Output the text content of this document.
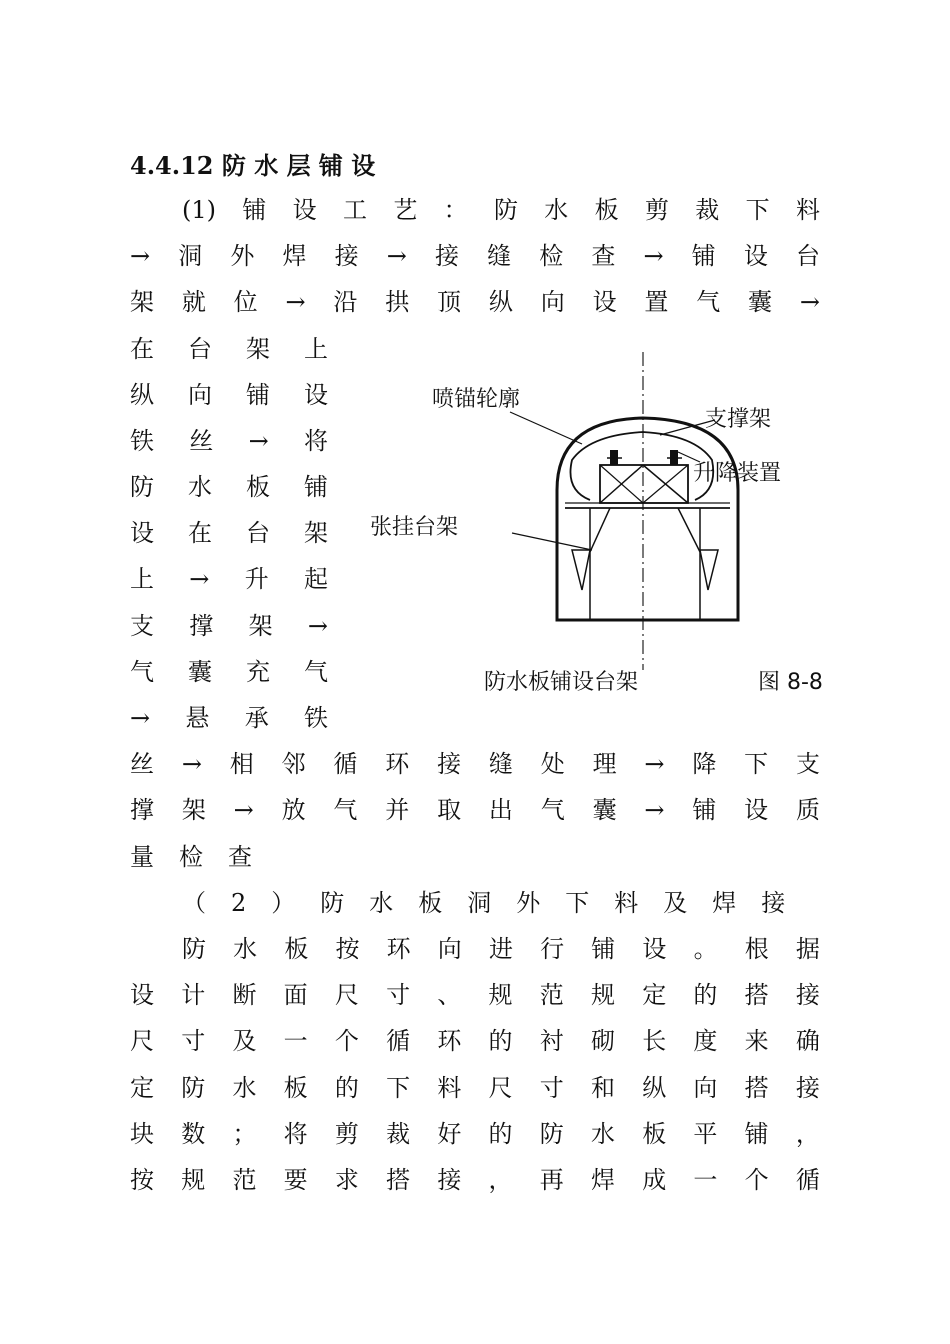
4.4.12 防 水 层 铺 设
(1) 铺 设 工 艺 ： 防 水 板 剪 裁 下 料
→ 洞 外 焊 接 → 接 缝 检 查 → 铺 设 台
架 就 位 → 沿 拱 顶 纵 向 设 置 气 囊 →
在 台 架 上
纵 向 铺 设
铁 丝 → 将
防 水 板 铺
设 在 台 架
上 → 升 起
支 撑 架 →
气 囊 充 气
→ 悬 承 铁
丝 → 相 邻 循 环 接 缝 处 理 → 降 下 支
撑 架 → 放 气 并 取 出 气 囊 → 铺 设 质
量 检 查
（ 2 ） 防 水 板 洞 外 下 料 及 焊 接
防 水 板 按 环 向 进 行 铺 设 。 根 据
设 计 断 面 尺 寸 、 规 范 规 定 的 搭 接
尺 寸 及 一 个 循 环 的 衬 砌 长 度 来 确
定 防 水 板 的 下 料 尺 寸 和 纵 向 搭 接
块 数 ； 将 剪 裁 好 的 防 水 板 平 铺 ，
按 规 范 要 求 搭 接 ， 再 焊 成 一 个 循
喷锚轮廓
支撑架
升降装置
张挂台架
防水板铺设台架	图 8-8
